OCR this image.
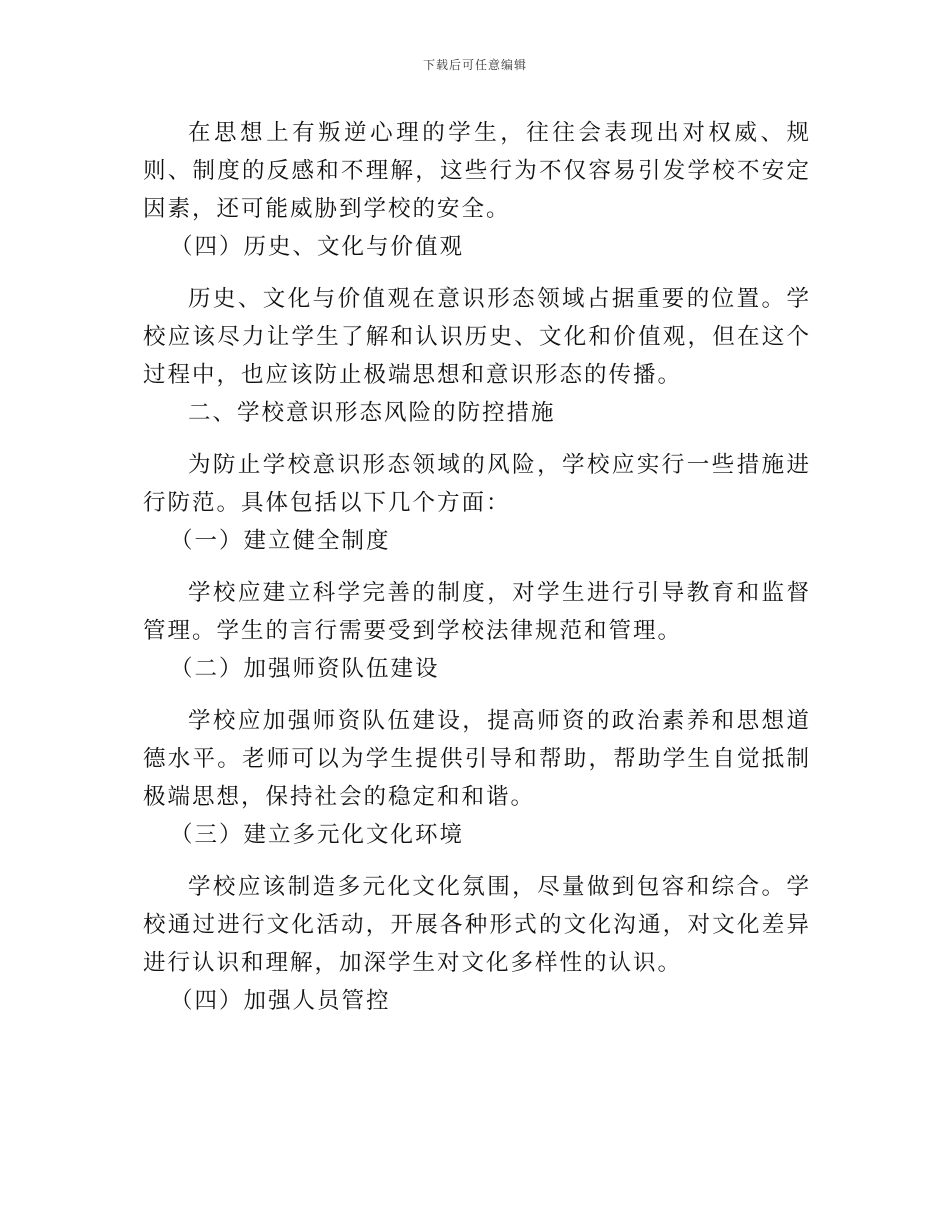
下载后可任意编辑

在思想上有叛逆心理的学生，往往会表现出对权威、规则、制度的反感和不理解，这些行为不仅容易引发学校不安定因素，还可能威胁到学校的安全。

（四）历史、文化与价值观

历史、文化与价值观在意识形态领域占据重要的位置。学校应该尽力让学生了解和认识历史、文化和价值观，但在这个过程中，也应该防止极端思想和意识形态的传播。

二、学校意识形态风险的防控措施

为防止学校意识形态领域的风险，学校应实行一些措施进行防范。具体包括以下几个方面：

（一）建立健全制度

学校应建立科学完善的制度，对学生进行引导教育和监督管理。学生的言行需要受到学校法律规范和管理。

（二）加强师资队伍建设

学校应加强师资队伍建设，提高师资的政治素养和思想道德水平。老师可以为学生提供引导和帮助，帮助学生自觉抵制极端思想，保持社会的稳定和和谐。

（三）建立多元化文化环境

学校应该制造多元化文化氛围，尽量做到包容和综合。学校通过进行文化活动，开展各种形式的文化沟通，对文化差异进行认识和理解，加深学生对文化多样性的认识。

（四）加强人员管控
